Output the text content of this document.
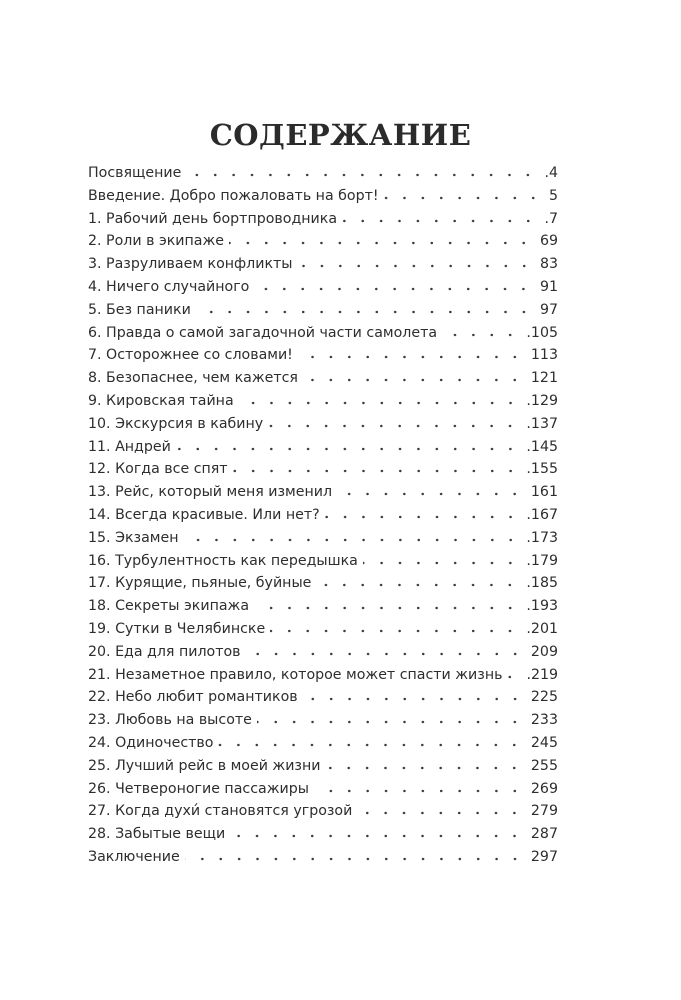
СОДЕРЖАНИЕ
Посвящение	.4
Введение. Добро пожаловать на борт!	5
1. Рабочий день бортпроводника	.7
2. Роли в экипаже	69
3. Разруливаем конфликты	83
4. Ничего случайного	91
5. Без паники	97
6. Правда о самой загадочной части самолета	.105
7. Осторожнее со словами!	113
8. Безопаснее, чем кажется	121
9. Кировская тайна	.129
10. Экскурсия в кабину	.137
11. Андрей	.145
12. Когда все спят	.155
13. Рейс, который меня изменил	161
14. Всегда красивые. Или нет?	.167
15. Экзамен	.173
16. Турбулентность как передышка	.179
17. Курящие, пьяные, буйные	.185
18. Секреты экипажа	.193
19. Сутки в Челябинске	.201
20. Еда для пилотов	209
21. Незаметное правило, которое может спасти жизнь .219
22. Небо любит романтиков	225
23. Любовь на высоте	233
24. Одиночество	245
25. Лучший рейс в моей жизни	255
26. Четвероногие пассажиры	269
27. Когда духи́ становятся угрозой	279
28. Забытые вещи	287
Заключение	297
